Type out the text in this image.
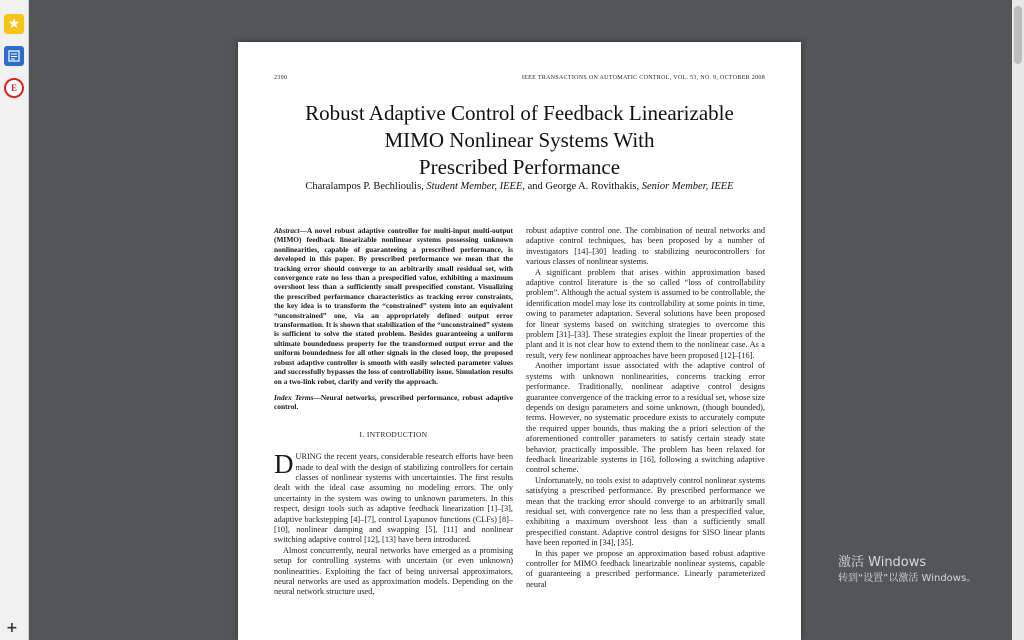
★
E
+
2390	IEEE TRANSACTIONS ON AUTOMATIC CONTROL, VOL. 53, NO. 9, OCTOBER 2008
Robust Adaptive Control of Feedback Linearizable
MIMO Nonlinear Systems With
Prescribed Performance
Charalampos P. Bechlioulis, Student Member, IEEE, and George A. Rovithakis, Senior Member, IEEE
Abstract—A novel robust adaptive controller for multi-input multi-output (MIMO) feedback linearizable nonlinear systems possessing unknown nonlinearities, capable of guaranteeing a prescribed performance, is developed in this paper. By prescribed performance we mean that the tracking error should converge to an arbitrarily small residual set, with convergence rate no less than a prespecified value, exhibiting a maximum overshoot less than a sufficiently small prespecified constant. Visualizing the prescribed performance characteristics as tracking error constraints, the key idea is to transform the “constrained” system into an equivalent “unconstrained” one, via an appropriately defined output error transformation. It is shown that stabilization of the “unconstrained” system is sufficient to solve the stated problem. Besides guaranteeing a uniform ultimate boundedness property for the transformed output error and the uniform boundedness for all other signals in the closed loop, the proposed robust adaptive controller is smooth with easily selected parameter values and successfully bypasses the loss of controllability issue. Simulation results on a two-link robot, clarify and verify the approach.
Index Terms—Neural networks, prescribed performance, robust adaptive control.
I. INTRODUCTION

DURING the recent years, considerable research efforts have been made to deal with the design of stabilizing controllers for certain classes of nonlinear systems with uncertainties. The first results dealt with the ideal case assuming no modeling errors. The only uncertainty in the system was owing to unknown parameters. In this respect, design tools such as adaptive feedback linearization [1]–[3], adaptive backstepping [4]–[7], control Lyapunov functions (CLFs) [8]–[10], nonlinear damping and swapping [5], [11] and nonlinear switching adaptive control [12], [13] have been introduced.

Almost concurrently, neural networks have emerged as a promising setup for controlling systems with uncertain (or even unknown) nonlinearities. Exploiting the fact of being universal approximators, neural networks are used as approximation models. Depending on the neural network structure used,

robust adaptive control one. The combination of neural networks and adaptive control techniques, has been proposed by a number of investigators [14]–[30] leading to stabilizing neurocontrollers for various classes of nonlinear systems.

A significant problem that arises within approximation based adaptive control literature is the so called “loss of controllability problem”. Although the actual system is assumed to be controllable, the identification model may lose its controllability at some points in time, owing to parameter adaptation. Several solutions have been proposed for linear systems based on switching strategies to overcome this problem [31]–[33]. These strategies exploit the linear properties of the plant and it is not clear how to extend them to the nonlinear case. As a result, very few nonlinear approaches have been proposed [12]–[16].

Another important issue associated with the adaptive control of systems with unknown nonlinearities, concerns tracking error performance. Traditionally, nonlinear adaptive control designs guarantee convergence of the tracking error to a residual set, whose size depends on design parameters and some unknown, (though bounded), terms. However, no systematic procedure exists to accurately compute the required upper bounds, thus making the a priori selection of the aforementioned controller parameters to satisfy certain steady state behavior, practically impossible. The problem has been relaxed for feedback linearizable systems in [16], following a switching adaptive control scheme.

Unfortunately, no tools exist to adaptively control nonlinear systems satisfying a prescribed performance. By prescribed performance we mean that the tracking error should converge to an arbitrarily small residual set, with convergence rate no less than a prespecified value, exhibiting a maximum overshoot less than a sufficiently small prespecified constant. Adaptive control designs for SISO linear plants have been reported in [34], [35].

In this paper we propose an approximation based robust adaptive controller for MIMO feedback linearizable nonlinear systems, capable of guaranteeing a prescribed performance. Linearly parameterized neural

激活 Windows
转到“设置”以激活 Windows。
